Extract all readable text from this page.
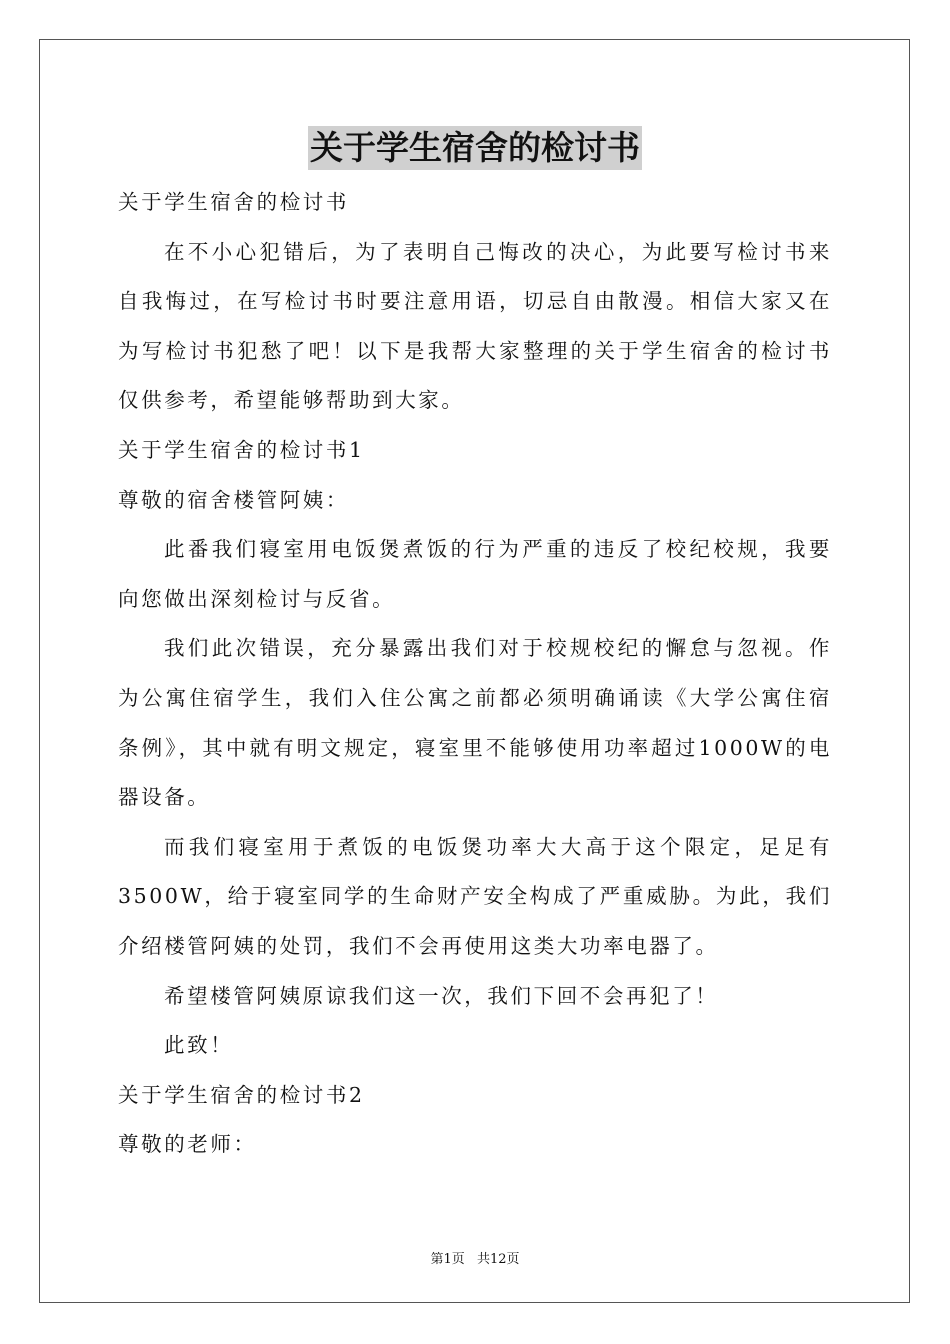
关于学生宿舍的检讨书

关于学生宿舍的检讨书

在不小心犯错后，为了表明自己悔改的决心，为此要写检讨书来自我悔过，在写检讨书时要注意用语，切忌自由散漫。相信大家又在为写检讨书犯愁了吧！以下是我帮大家整理的关于学生宿舍的检讨书仅供参考，希望能够帮助到大家。

关于学生宿舍的检讨书1

尊敬的宿舍楼管阿姨：

此番我们寝室用电饭煲煮饭的行为严重的违反了校纪校规，我要向您做出深刻检讨与反省。

我们此次错误，充分暴露出我们对于校规校纪的懈怠与忽视。作为公寓住宿学生，我们入住公寓之前都必须明确诵读《大学公寓住宿条例》，其中就有明文规定，寝室里不能够使用功率超过1000W的电器设备。

而我们寝室用于煮饭的电饭煲功率大大高于这个限定，足足有3500W，给于寝室同学的生命财产安全构成了严重威胁。为此，我们介绍楼管阿姨的处罚，我们不会再使用这类大功率电器了。

希望楼管阿姨原谅我们这一次，我们下回不会再犯了！

此致！

关于学生宿舍的检讨书2

尊敬的老师：

第1页 共12页
